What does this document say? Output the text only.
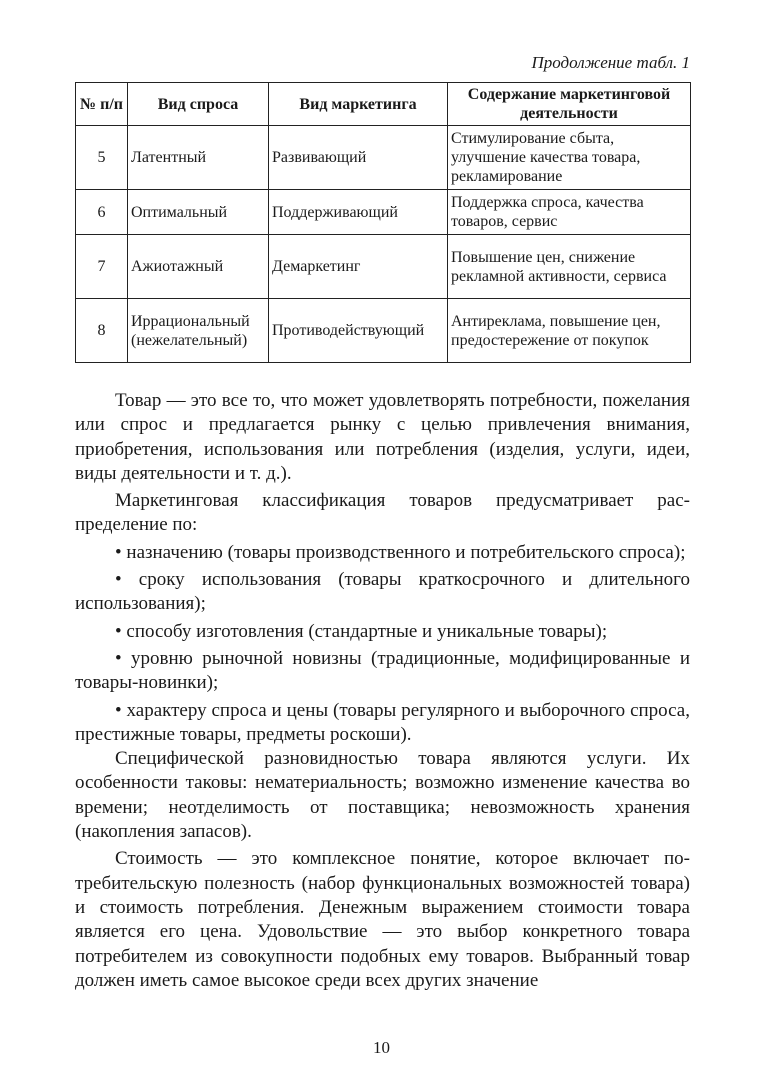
Продолжение табл. 1
№ п/п	Вид спроса	Вид маркетинга	Содержание маркетинговой деятельности
5	Латентный	Развивающий	Стимулирование сбыта, улучшение качества товара, рекламирование
6	Оптимальный	Поддерживающий	Поддержка спроса, качества товаров, сервис
7	Ажиотажный	Демаркетинг	Повышение цен, снижение рекламной активности, сервиса
8	Иррациональный (нежелательный)	Противодействующий	Антиреклама, повышение цен, предостережение от покупок

Товар — это все то, что может удовлетворять потребности, пожелания или спрос и предлагается рынку с целью привлечения внимания, приобретения, использования или потребления (изделия, услуги, идеи, виды деятельности и т. д.).

Маркетинговая классификация товаров предусматривает распределение по:

• назначению (товары производственного и потребительского спроса);

• сроку использования (товары краткосрочного и длительного использования);

• способу изготовления (стандартные и уникальные товары);

• уровню рыночной новизны (традиционные, модифицированные и товары-новинки);

• характеру спроса и цены (товары регулярного и выборочного спроса, престижные товары, предметы роскоши).

Специфической разновидностью товара являются услуги. Их особенности таковы: нематериальность; возможно изменение качества во времени; неотделимость от поставщика; невозможность хранения (накопления запасов).

Стоимость — это комплексное понятие, которое включает потребительскую полезность (набор функциональных возможностей товара) и стоимость потребления. Денежным выражением стоимости товара является его цена. Удовольствие — это выбор конкретного товара потребителем из совокупности подобных ему товаров. Выбранный товар должен иметь самое высокое среди всех других значение

10
